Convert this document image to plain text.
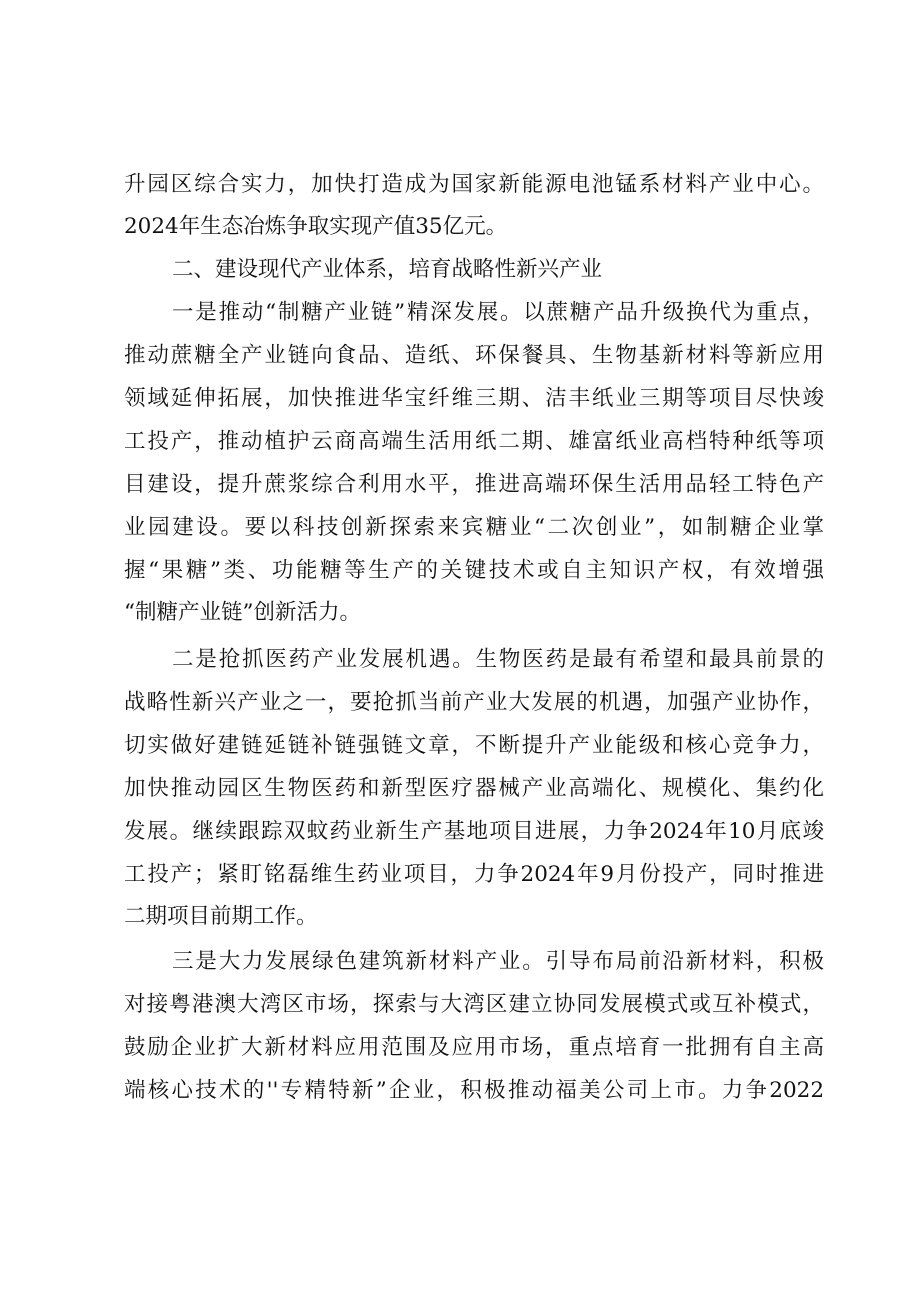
升园区综合实力，加快打造成为国家新能源电池锰系材料产业中心。
2024年生态冶炼争取实现产值35亿元。
二、建设现代产业体系，培育战略性新兴产业
一是推动“制糖产业链”精深发展。以蔗糖产品升级换代为重点，
推动蔗糖全产业链向食品、造纸、环保餐具、生物基新材料等新应用
领域延伸拓展，加快推进华宝纤维三期、洁丰纸业三期等项目尽快竣
工投产，推动植护云商高端生活用纸二期、雄富纸业高档特种纸等项
目建设，提升蔗浆综合利用水平，推进高端环保生活用品轻工特色产
业园建设。要以科技创新探索来宾糖业“二次创业”，如制糖企业掌
握“果糖”类、功能糖等生产的关键技术或自主知识产权，有效增强
“制糖产业链”创新活力。
二是抢抓医药产业发展机遇。生物医药是最有希望和最具前景的
战略性新兴产业之一，要抢抓当前产业大发展的机遇，加强产业协作，
切实做好建链延链补链强链文章，不断提升产业能级和核心竞争力，
加快推动园区生物医药和新型医疗器械产业高端化、规模化、集约化
发展。继续跟踪双蚊药业新生产基地项目进展，力争2024年10月底竣
工投产；紧盯铭磊维生药业项目，力争2024年9月份投产，同时推进
二期项目前期工作。
三是大力发展绿色建筑新材料产业。引导布局前沿新材料，积极
对接粤港澳大湾区市场，探索与大湾区建立协同发展模式或互补模式，
鼓励企业扩大新材料应用范围及应用市场，重点培育一批拥有自主高
端核心技术的''专精特新”企业，积极推动福美公司上市。力争2022
